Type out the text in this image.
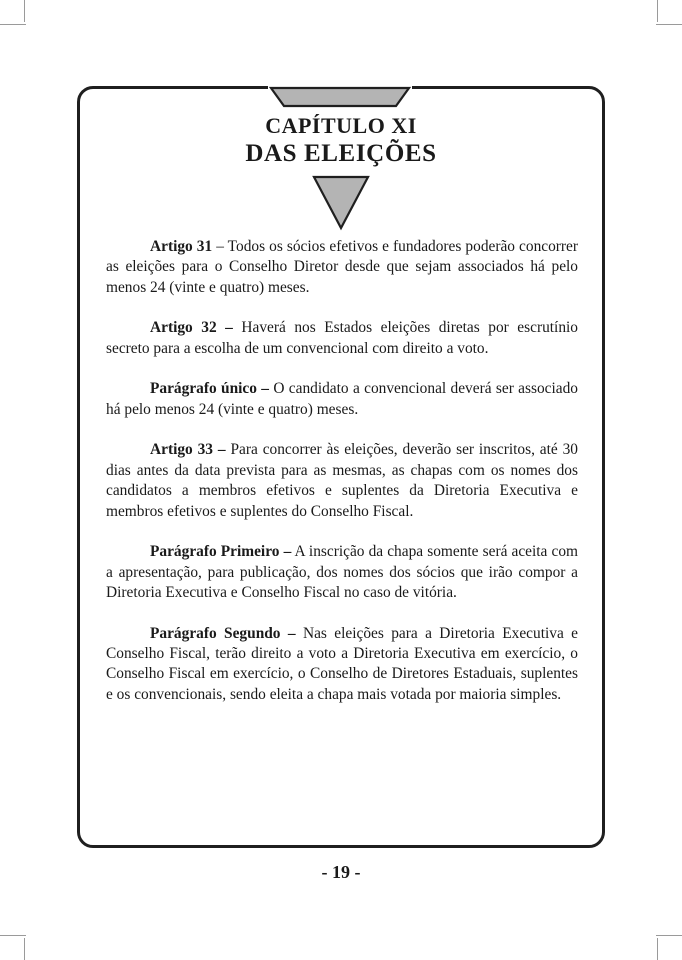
CAPÍTULO XI
DAS ELEIÇÕES

Artigo 31 – Todos os sócios efetivos e fundadores poderão concorrer as eleições para o Conselho Diretor desde que sejam associados há pelo menos 24 (vinte e quatro) meses.

Artigo 32 – Haverá nos Estados eleições diretas por escrutínio secreto para a escolha de um convencional com direito a voto.

Parágrafo único – O candidato a convencional deverá ser associado há pelo menos 24 (vinte e quatro) meses.

Artigo 33 – Para concorrer às eleições, deverão ser inscritos, até 30 dias antes da data prevista para as mesmas, as chapas com os nomes dos candidatos a membros efetivos e suplentes da Diretoria Executiva e membros efetivos e suplentes do Conselho Fiscal.

Parágrafo Primeiro – A inscrição da chapa somente será aceita com a apresentação, para publicação, dos nomes dos sócios que irão compor a Diretoria Executiva e Conselho Fiscal no caso de vitória.

Parágrafo Segundo – Nas eleições para a Diretoria Executiva e Conselho Fiscal, terão direito a voto a Diretoria Executiva em exercício, o Conselho Fiscal em exercício, o Conselho de Diretores Estaduais, suplentes e os convencionais, sendo eleita a chapa mais votada por maioria simples.

- 19 -
